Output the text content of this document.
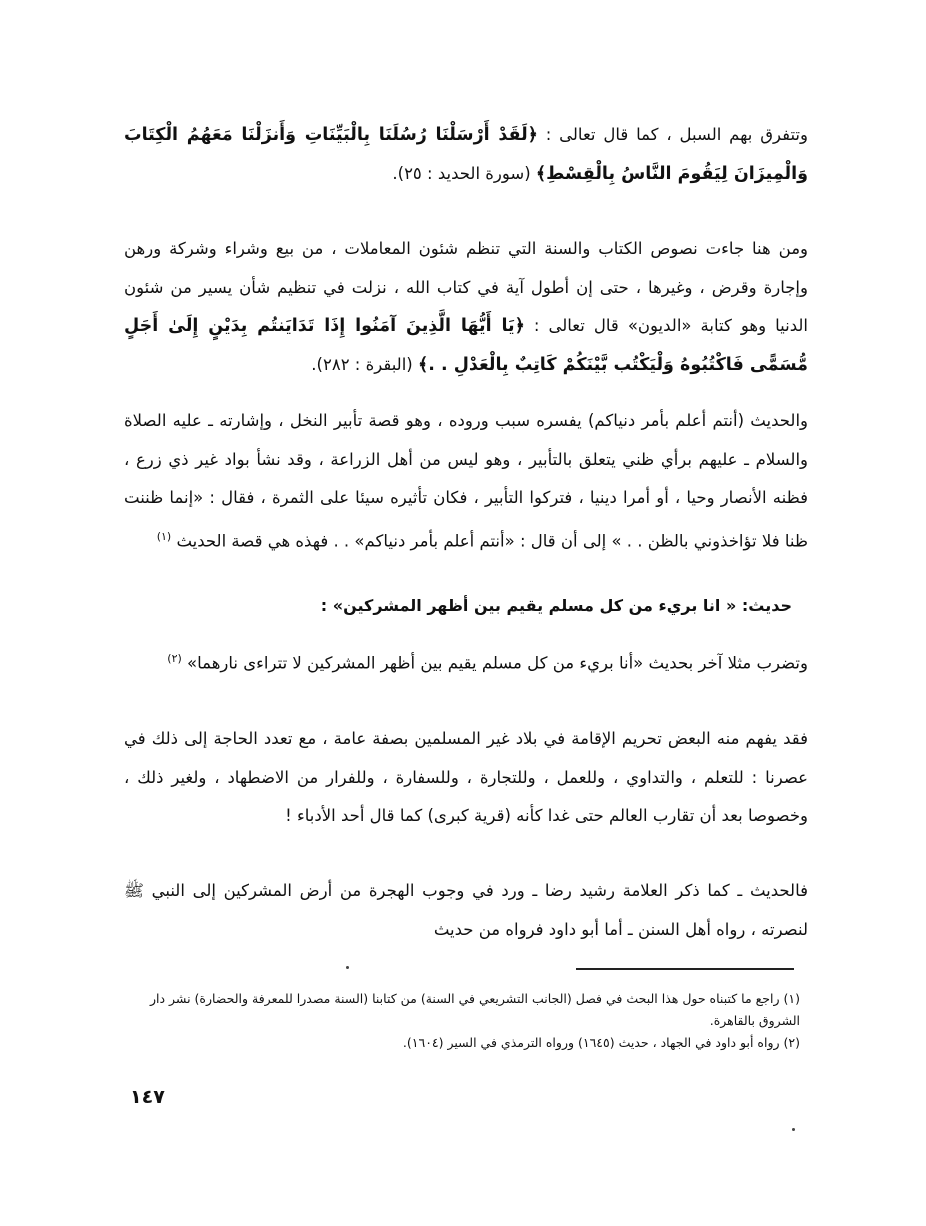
وتتفرق بهم السبل ، كما قال تعالى : ﴿لَقَدْ أَرْسَلْنَا رُسُلَنَا بِالْبَيِّنَاتِ وَأَنزَلْنَا مَعَهُمُ الْكِتَابَ وَالْمِيزَانَ لِيَقُومَ النَّاسُ بِالْقِسْطِ﴾ (سورة الحديد : ٢٥).
ومن هنا جاءت نصوص الكتاب والسنة التي تنظم شئون المعاملات ، من بيع وشراء وشركة ورهن وإجارة وقرض ، وغيرها ، حتى إن أطول آية في كتاب الله ، نزلت في تنظيم شأن يسير من شئون الدنيا وهو كتابة «الديون» قال تعالى : ﴿يَا أَيُّهَا الَّذِينَ آمَنُوا إِذَا تَدَايَنتُم بِدَيْنٍ إِلَىٰ أَجَلٍ مُّسَمًّى فَاكْتُبُوهُ وَلْيَكْتُب بَّيْنَكُمْ كَاتِبٌ بِالْعَدْلِ . .﴾ (البقرة : ٢٨٢).
والحديث (أنتم أعلم بأمر دنياكم) يفسره سبب وروده ، وهو قصة تأبير النخل ، وإشارته ـ عليه الصلاة والسلام ـ عليهم برأي ظني يتعلق بالتأبير ، وهو ليس من أهل الزراعة ، وقد نشأ بواد غير ذي زرع ، فظنه الأنصار وحيا ، أو أمرا دينيا ، فتركوا التأبير ، فكان تأثيره سيئا على الثمرة ، فقال : «إنما ظننت ظنا فلا تؤاخذوني بالظن . . » إلى أن قال : «أنتم أعلم بأمر دنياكم» . . فهذه هي قصة الحديث $^{(١)}$
حديث: « انا بريء من كل مسلم يقيم بين أظهر المشركين» :
وتضرب مثلا آخر بحديث «أنا بريء من كل مسلم يقيم بين أظهر المشركين لا تتراءى نارهما» $^{(٢)}$
فقد يفهم منه البعض تحريم الإقامة في بلاد غير المسلمين بصفة عامة ، مع تعدد الحاجة إلى ذلك في عصرنا : للتعلم ، والتداوي ، وللعمل ، وللتجارة ، وللسفارة ، وللفرار من الاضطهاد ، ولغير ذلك ، وخصوصا بعد أن تقارب العالم حتى غدا كأنه (قرية كبرى) كما قال أحد الأدباء !
فالحديث ـ كما ذكر العلامة رشيد رضا ـ ورد في وجوب الهجرة من أرض المشركين إلى النبي ﷺ لنصرته ، رواه أهل السنن ـ أما أبو داود فرواه من حديث

(١) راجع ما كتبناه حول هذا البحث في فصل (الجانب التشريعي في السنة) من كتابنا (السنة مصدرا للمعرفة والحضارة) نشر دار الشروق بالقاهرة.

(٢) رواه أبو داود في الجهاد ، حديث (١٦٤٥) ورواه الترمذي في السير (١٦٠٤).

١٤٧
